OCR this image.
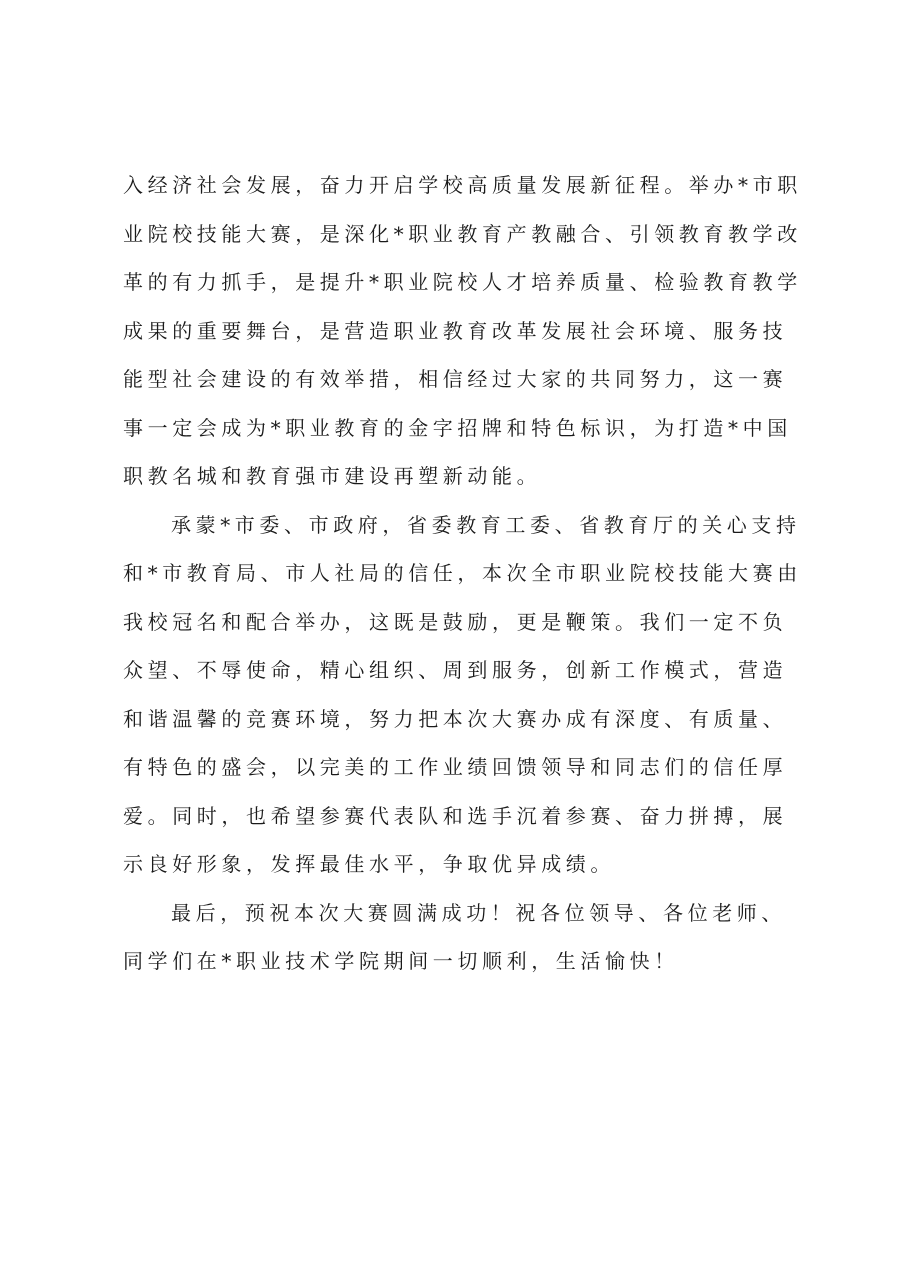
入经济社会发展，奋力开启学校高质量发展新征程。举办*市职
业院校技能大赛，是深化*职业教育产教融合、引领教育教学改
革的有力抓手，是提升*职业院校人才培养质量、检验教育教学
成果的重要舞台，是营造职业教育改革发展社会环境、服务技
能型社会建设的有效举措，相信经过大家的共同努力，这一赛
事一定会成为*职业教育的金字招牌和特色标识，为打造*中国
职教名城和教育强市建设再塑新动能。
承蒙*市委、市政府，省委教育工委、省教育厅的关心支持
和*市教育局、市人社局的信任，本次全市职业院校技能大赛由
我校冠名和配合举办，这既是鼓励，更是鞭策。我们一定不负
众望、不辱使命，精心组织、周到服务，创新工作模式，营造
和谐温馨的竞赛环境，努力把本次大赛办成有深度、有质量、
有特色的盛会，以完美的工作业绩回馈领导和同志们的信任厚
爱。同时，也希望参赛代表队和选手沉着参赛、奋力拼搏，展
示良好形象，发挥最佳水平，争取优异成绩。
最后，预祝本次大赛圆满成功！祝各位领导、各位老师、
同学们在*职业技术学院期间一切顺利，生活愉快！
